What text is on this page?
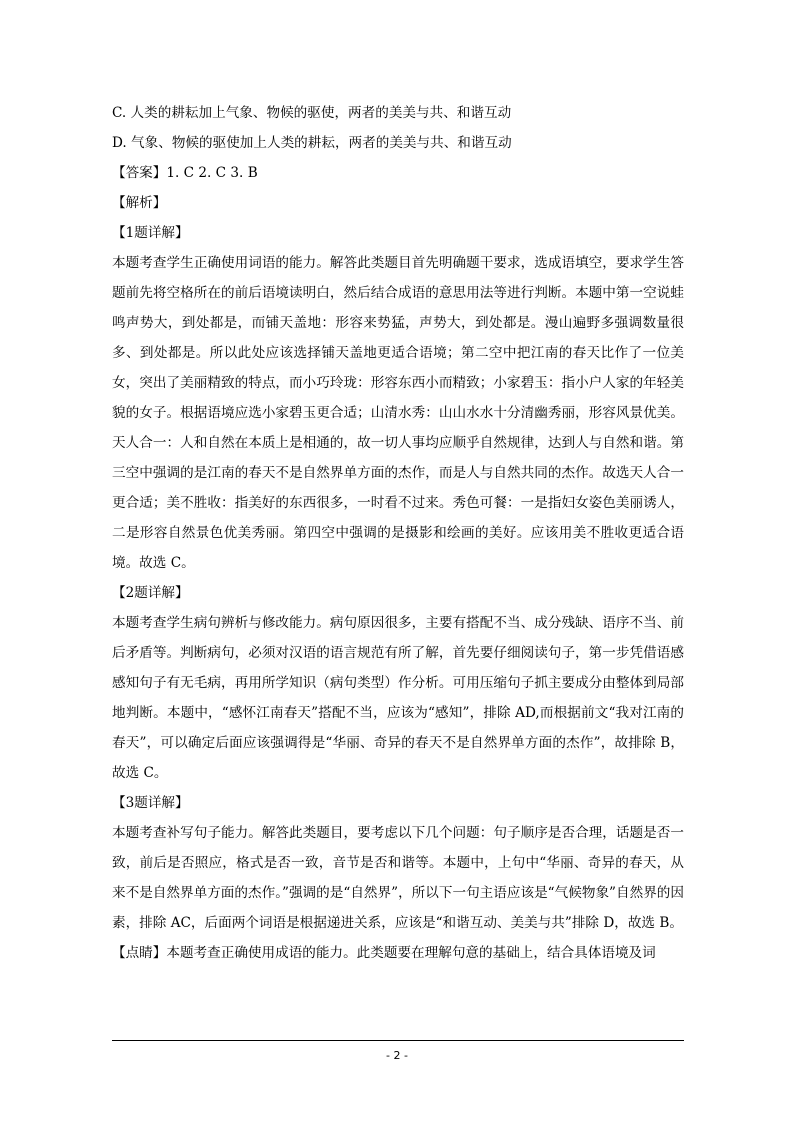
C. 人类的耕耘加上气象、物候的驱使，两者的美美与共、和谐互动

D. 气象、物候的驱使加上人类的耕耘，两者的美美与共、和谐互动

【答案】1. C 2. C 3. B

【解析】

【1题详解】

本题考查学生正确使用词语的能力。解答此类题目首先明确题干要求，选成语填空，要求学生答题前先将空格所在的前后语境读明白，然后结合成语的意思用法等进行判断。本题中第一空说蛙鸣声势大，到处都是，而铺天盖地：形容来势猛，声势大，到处都是。漫山遍野多强调数量很多、到处都是。所以此处应该选择铺天盖地更适合语境；第二空中把江南的春天比作了一位美女，突出了美丽精致的特点，而小巧玲珑：形容东西小而精致；小家碧玉：指小户人家的年轻美貌的女子。根据语境应选小家碧玉更合适；山清水秀：山山水水十分清幽秀丽，形容风景优美。天人合一：人和自然在本质上是相通的，故一切人事均应顺乎自然规律，达到人与自然和谐。第三空中强调的是江南的春天不是自然界单方面的杰作，而是人与自然共同的杰作。故选天人合一更合适；美不胜收：指美好的东西很多，一时看不过来。秀色可餐：一是指妇女姿色美丽诱人，二是形容自然景色优美秀丽。第四空中强调的是摄影和绘画的美好。应该用美不胜收更适合语境。故选 C。

【2题详解】

本题考查学生病句辨析与修改能力。病句原因很多，主要有搭配不当、成分残缺、语序不当、前后矛盾等。判断病句，必须对汉语的语言规范有所了解，首先要仔细阅读句子，第一步凭借语感感知句子有无毛病，再用所学知识（病句类型）作分析。可用压缩句子抓主要成分由整体到局部地判断。本题中，“感怀江南春天”搭配不当，应该为“感知”，排除 AD,而根据前文“我对江南的春天”，可以确定后面应该强调得是“华丽、奇异的春天不是自然界单方面的杰作”，故排除 B，故选 C。

【3题详解】

本题考查补写句子能力。解答此类题目，要考虑以下几个问题：句子顺序是否合理，话题是否一致，前后是否照应，格式是否一致，音节是否和谐等。本题中，上句中“华丽、奇异的春天，从来不是自然界单方面的杰作。”强调的是“自然界”，所以下一句主语应该是“气候物象”自然界的因素，排除 AC，后面两个词语是根据递进关系，应该是“和谐互动、美美与共”排除 D，故选 B。

【点睛】本题考查正确使用成语的能力。此类题要在理解句意的基础上，结合具体语境及词

- 2 -
